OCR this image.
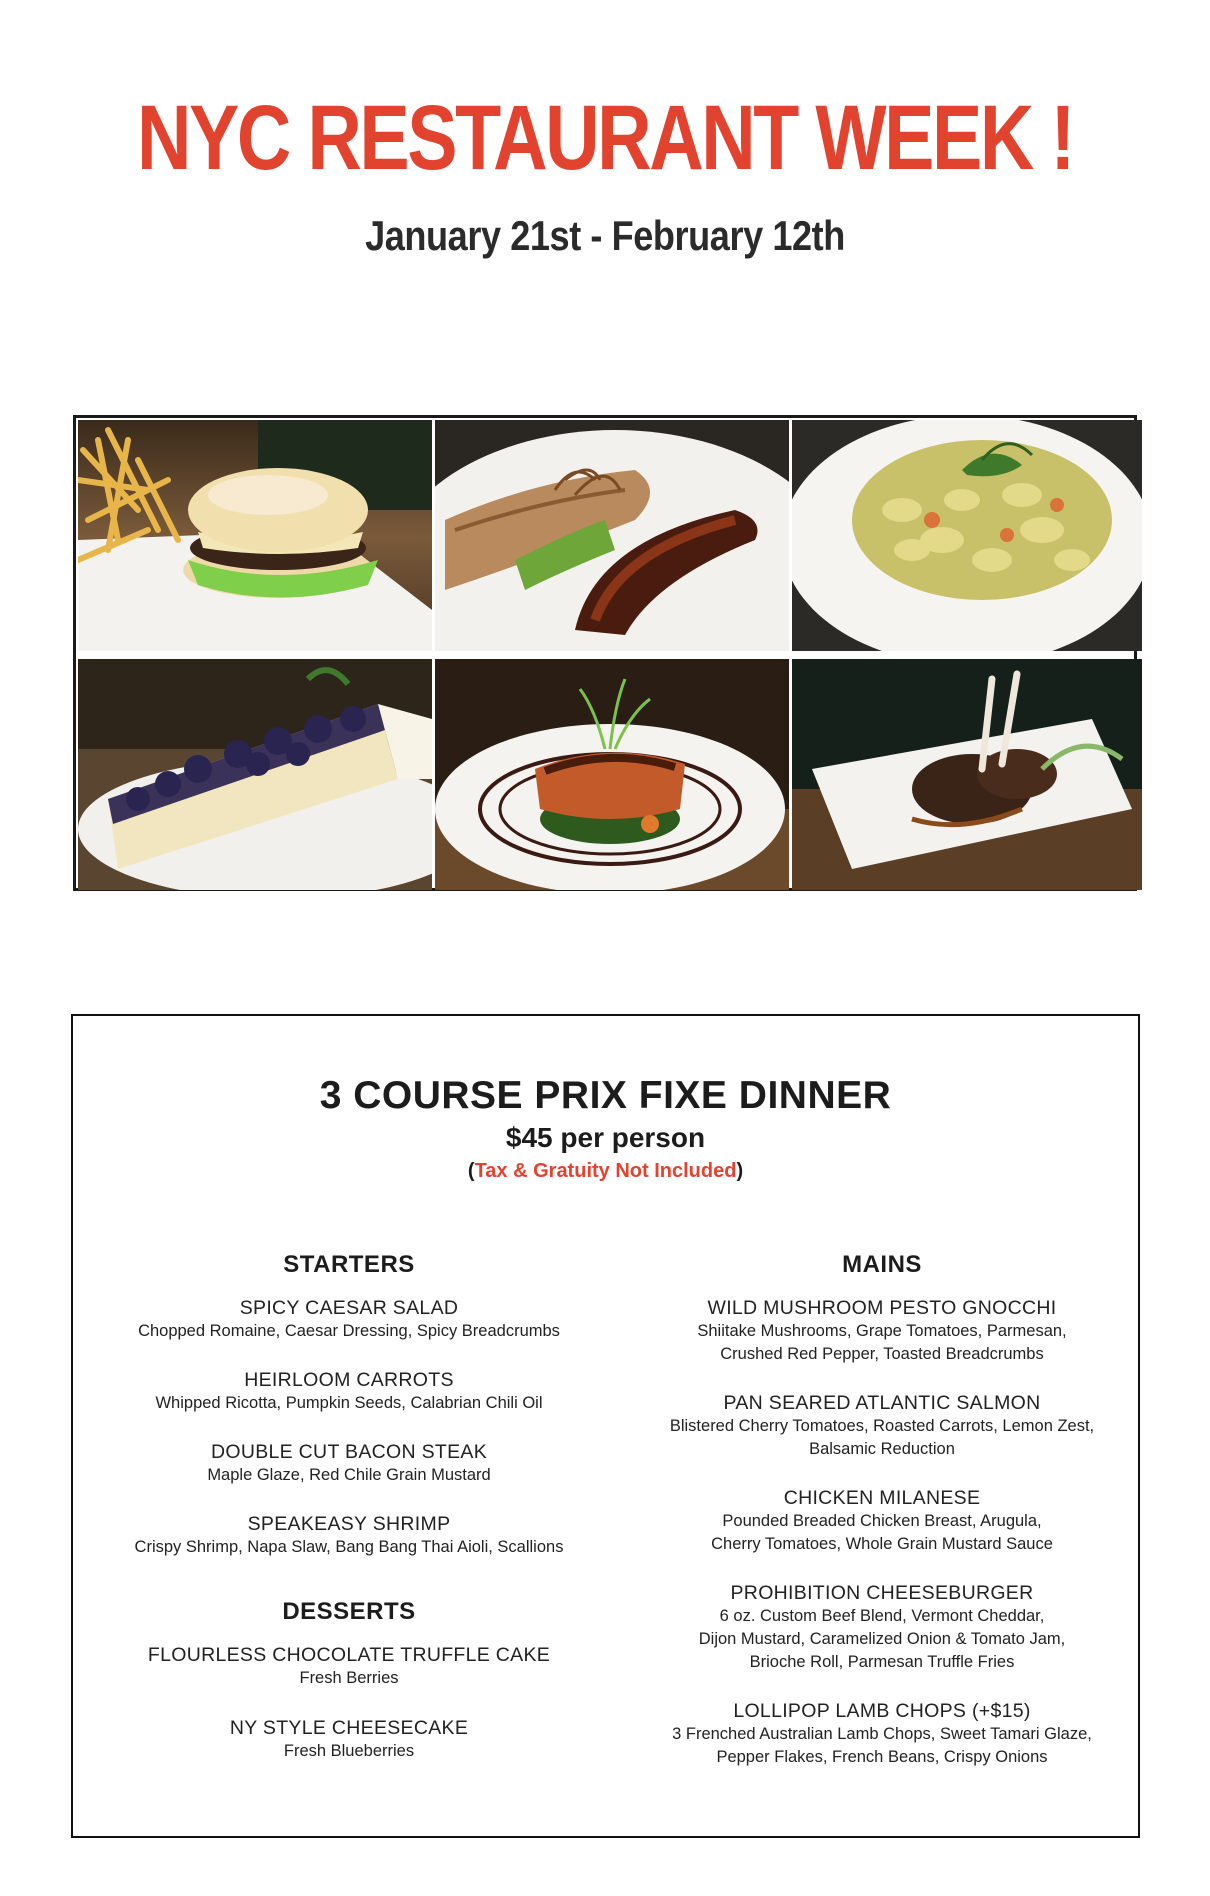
NYC RESTAURANT WEEK !
January 21st - February 12th
3 COURSE PRIX FIXE DINNER
$45 per person
(Tax & Gratuity Not Included)
STARTERS
SPICY CAESAR SALAD
Chopped Romaine, Caesar Dressing, Spicy Breadcrumbs
HEIRLOOM CARROTS
Whipped Ricotta, Pumpkin Seeds, Calabrian Chili Oil
DOUBLE CUT BACON STEAK
Maple Glaze, Red Chile Grain Mustard
SPEAKEASY SHRIMP
Crispy Shrimp, Napa Slaw, Bang Bang Thai Aioli, Scallions
DESSERTS
FLOURLESS CHOCOLATE TRUFFLE CAKE
Fresh Berries
NY STYLE CHEESECAKE
Fresh Blueberries
MAINS
WILD MUSHROOM PESTO GNOCCHI
Shiitake Mushrooms, Grape Tomatoes, Parmesan,
Crushed Red Pepper, Toasted Breadcrumbs
PAN SEARED ATLANTIC SALMON
Blistered Cherry Tomatoes, Roasted Carrots, Lemon Zest,
Balsamic Reduction
CHICKEN MILANESE
Pounded Breaded Chicken Breast, Arugula,
Cherry Tomatoes, Whole Grain Mustard Sauce
PROHIBITION CHEESEBURGER
6 oz. Custom Beef Blend, Vermont Cheddar,
Dijon Mustard, Caramelized Onion & Tomato Jam,
Brioche Roll, Parmesan Truffle Fries
LOLLIPOP LAMB CHOPS (+$15)
3 Frenched Australian Lamb Chops, Sweet Tamari Glaze,
Pepper Flakes, French Beans, Crispy Onions
